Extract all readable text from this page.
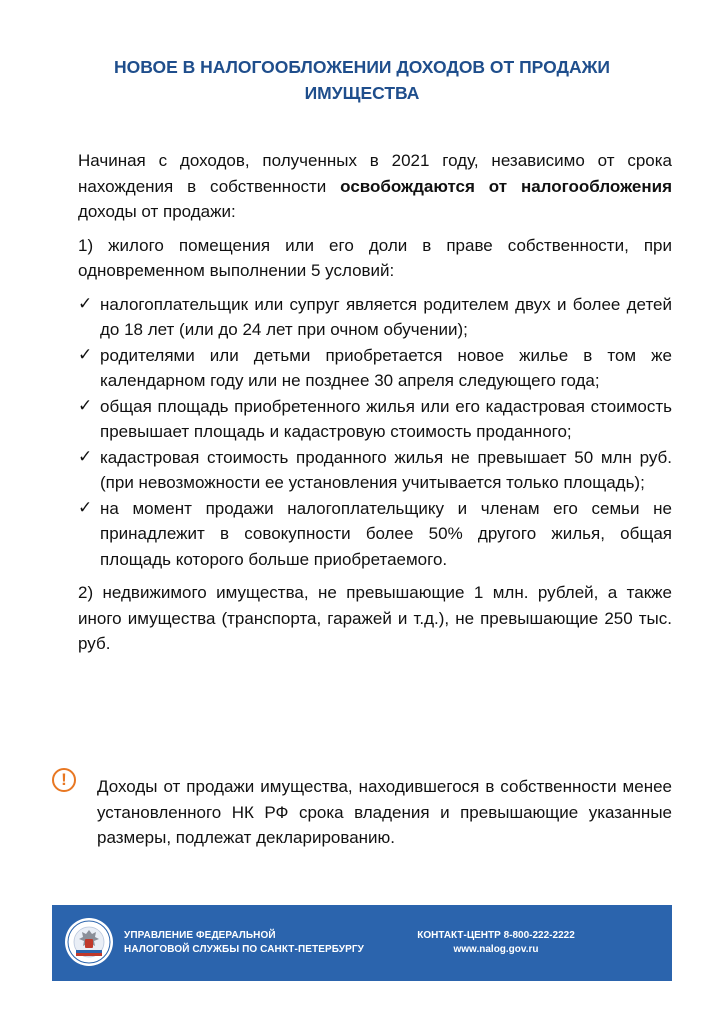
НОВОЕ В НАЛОГООБЛОЖЕНИИ ДОХОДОВ ОТ ПРОДАЖИ
ИМУЩЕСТВА

Начиная с доходов, полученных в 2021 году, независимо от срока нахождения в собственности освобождаются от налогообложения доходы от продажи:

1) жилого помещения или его доли в праве собственности, при одновременном выполнении 5 условий:

✓ налогоплательщик или супруг является родителем двух и более детей до 18 лет (или до 24 лет при очном обучении);
✓ родителями или детьми приобретается новое жилье в том же календарном году или не позднее 30 апреля следующего года;
✓ общая площадь приобретенного жилья или его кадастровая стоимость превышает площадь и кадастровую стоимость проданного;
✓ кадастровая стоимость проданного жилья не превышает 50 млн руб. (при невозможности ее установления учитывается только площадь);
✓ на момент продажи налогоплательщику и членам его семьи не принадлежит в совокупности более 50% другого жилья, общая площадь которого больше приобретаемого.

2) недвижимого имущества, не превышающие 1 млн. рублей, а также иного имущества (транспорта, гаражей и т.д.), не превышающие 250 тыс. руб.

!	Доходы от продажи имущества, находившегося в собственности менее установленного НК РФ срока владения и превышающие указанные размеры, подлежат декларированию.
УПРАВЛЕНИЕ ФЕДЕРАЛЬНОЙ
НАЛОГОВОЙ СЛУЖБЫ ПО САНКТ-ПЕТЕРБУРГУ
КОНТАКТ-ЦЕНТР 8-800-222-2222
www.nalog.gov.ru
